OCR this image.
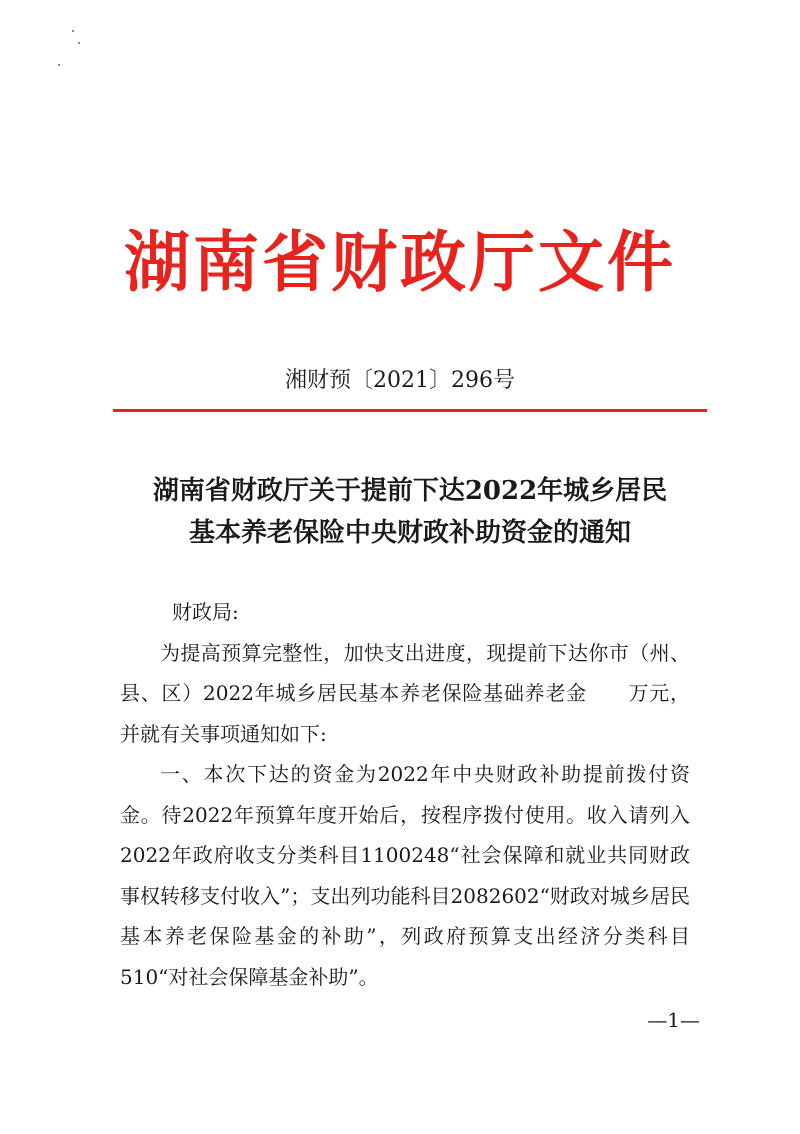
湖南省财政厅文件
湘财预〔2021〕296号
湖南省财政厅关于提前下达2022年城乡居民
基本养老保险中央财政补助资金的通知

财政局:

为提高预算完整性，加快支出进度，现提前下达你市（州、县、区）2022年城乡居民基本养老保险基础养老金　　万元，并就有关事项通知如下:

一、本次下达的资金为2022年中央财政补助提前拨付资金。待2022年预算年度开始后，按程序拨付使用。收入请列入2022年政府收支分类科目1100248“社会保障和就业共同财政事权转移支付收入”；支出列功能科目2082602“财政对城乡居民基本养老保险基金的补助”，列政府预算支出经济分类科目510“对社会保障基金补助”。

—1—
